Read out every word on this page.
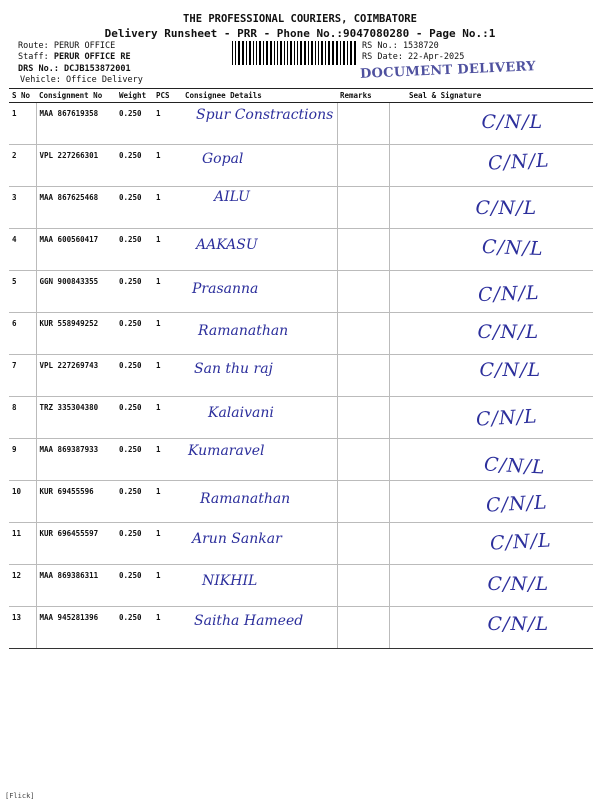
THE PROFESSIONAL COURIERS, COIMBATORE
Delivery Runsheet - PRR - Phone No.:9047080280 - Page No.:1
Route: PERUR OFFICE
Staff: PERUR OFFICE RE
DRS No.: DCJB153872001
Vehicle: Office Delivery
RS No.: 1538720
RS Date: 22-Apr-2025
DOCUMENT DELIVERY
S No	Consignment No	Weight	PCS	Consignee Details	Remarks	Seal & Signature
1	MAA 867619358	0.250	1	Spur Constractions		C/N/L

2	VPL 227266301	0.250	1	Gopal		C/N/L

3	MAA 867625468	0.250	1	AILU		C/N/L

4	MAA 600560417	0.250	1	AAKASU		C/N/L

5	GGN 900843355	0.250	1	Prasanna		C/N/L

6	KUR 558949252	0.250	1	Ramanathan		C/N/L

7	VPL 227269743	0.250	1	San thu raj		C/N/L

8	TRZ 335304380	0.250	1	Kalaivani		C/N/L

9	MAA 869387933	0.250	1	Kumaravel		C/N/L

10	KUR 69455596	0.250	1	Ramanathan		C/N/L

11	KUR 696455597	0.250	1	Arun Sankar		C/N/L

12	MAA 869386311	0.250	1	NIKHIL		C/N/L

13	MAA 945281396	0.250	1	Saitha Hameed		C/N/L
[Flick]
